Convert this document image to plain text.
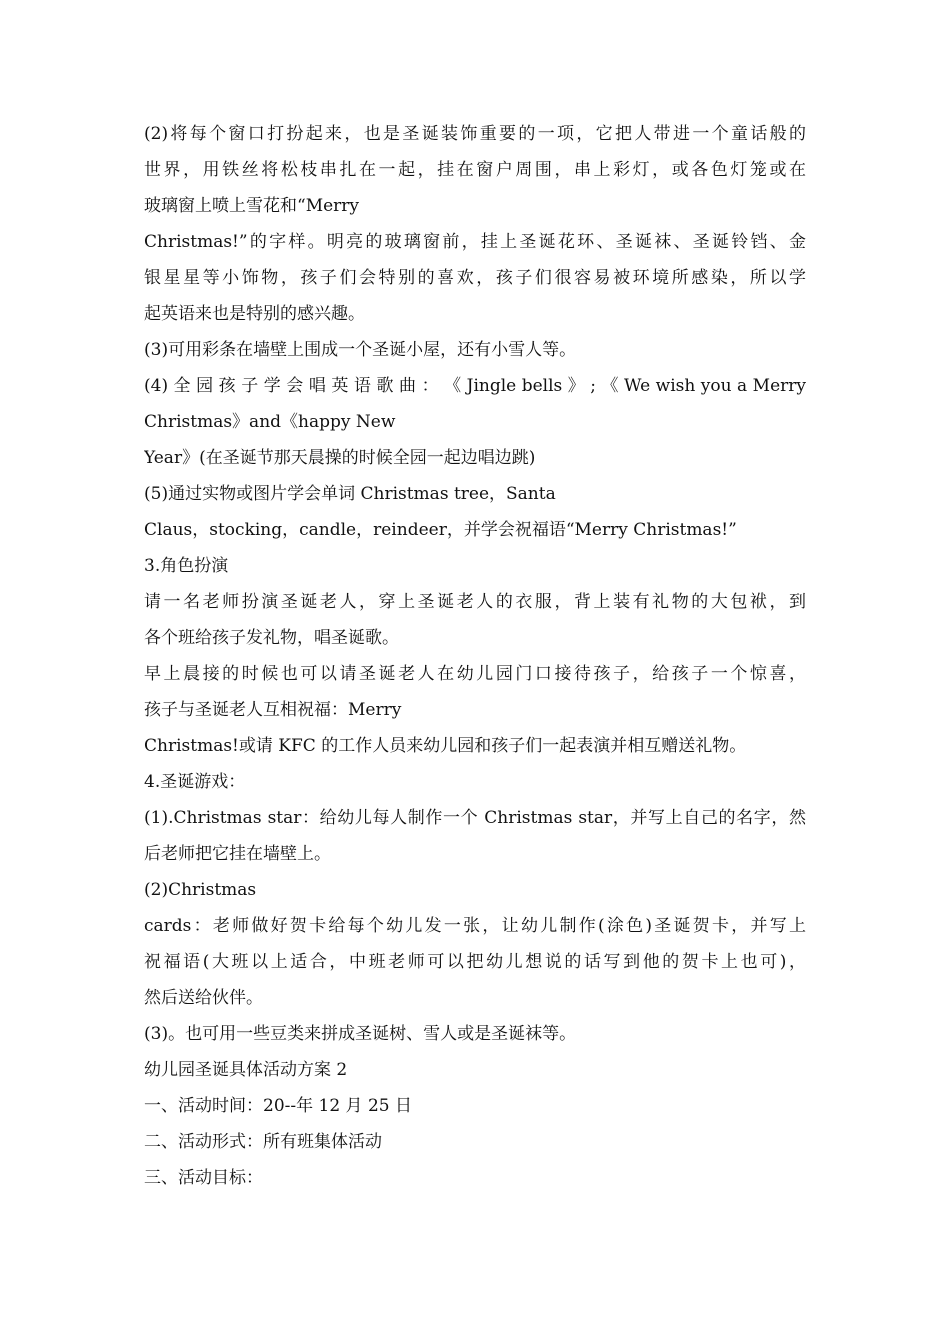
(2)将每个窗口打扮起来，也是圣诞装饰重要的一项，它把人带进一个童话般的
世界，用铁丝将松枝串扎在一起，挂在窗户周围，串上彩灯，或各色灯笼或在
玻璃窗上喷上雪花和“Merry
Christmas!”的字样。明亮的玻璃窗前，挂上圣诞花环、圣诞袜、圣诞铃铛、金
银星星等小饰物，孩子们会特别的喜欢，孩子们很容易被环境所感染，所以学
起英语来也是特别的感兴趣。
(3)可用彩条在墙壁上围成一个圣诞小屋，还有小雪人等。
(4) 全 园 孩 子 学 会 唱 英 语 歌 曲 ： 《 Jingle bells 》 ; 《 We wish you a Merry
Christmas》and《happy New
Year》(在圣诞节那天晨操的时候全园一起边唱边跳)
(5)通过实物或图片学会单词 Christmas tree，Santa
Claus，stocking，candle，reindeer，并学会祝福语“Merry Christmas!”
3.角色扮演
请一名老师扮演圣诞老人，穿上圣诞老人的衣服，背上装有礼物的大包袱，到
各个班给孩子发礼物，唱圣诞歌。
早上晨接的时候也可以请圣诞老人在幼儿园门口接待孩子，给孩子一个惊喜，
孩子与圣诞老人互相祝福：Merry
Christmas!或请 KFC 的工作人员来幼儿园和孩子们一起表演并相互赠送礼物。
4.圣诞游戏：
(1).Christmas star：给幼儿每人制作一个 Christmas star，并写上自己的名字，然
后老师把它挂在墙壁上。
(2)Christmas
cards：老师做好贺卡给每个幼儿发一张，让幼儿制作(涂色)圣诞贺卡，并写上
祝福语(大班以上适合，中班老师可以把幼儿想说的话写到他的贺卡上也可)，
然后送给伙伴。
(3)。也可用一些豆类来拼成圣诞树、雪人或是圣诞袜等。
幼儿园圣诞具体活动方案 2
一、活动时间：20--年 12 月 25 日
二、活动形式：所有班集体活动
三、活动目标：
